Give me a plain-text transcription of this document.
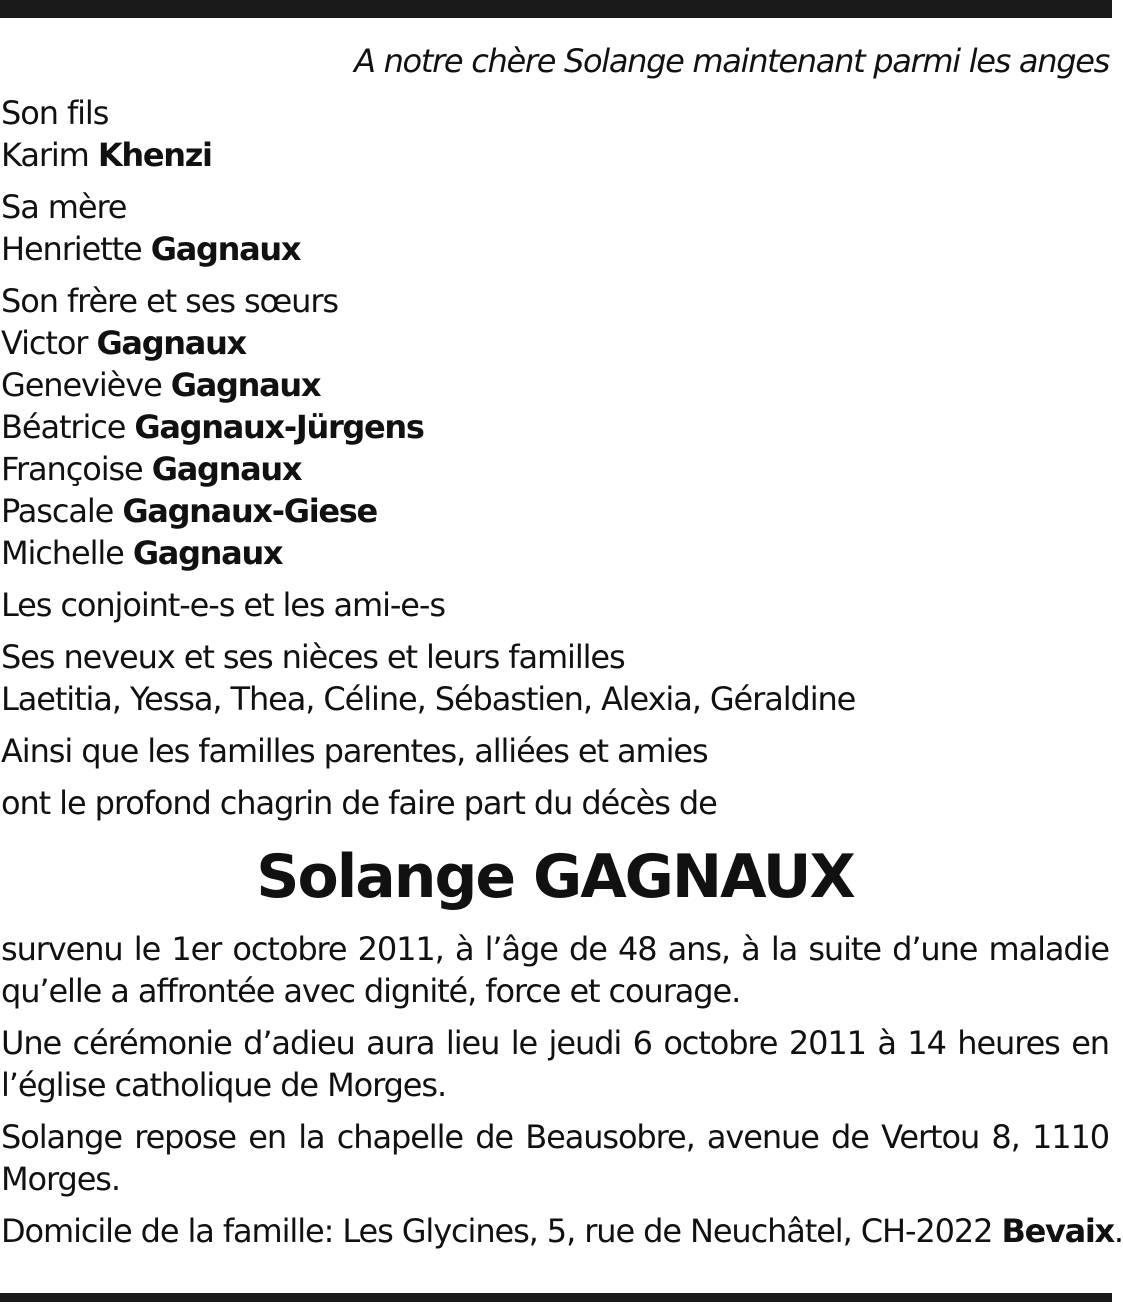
A notre chère Solange maintenant parmi les anges
Son fils
Karim Khenzi
Sa mère
Henriette Gagnaux
Son frère et ses sœurs
Victor Gagnaux
Geneviève Gagnaux
Béatrice Gagnaux-Jürgens
Françoise Gagnaux
Pascale Gagnaux-Giese
Michelle Gagnaux
Les conjoint-e-s et les ami-e-s
Ses neveux et ses nièces et leurs familles
Laetitia, Yessa, Thea, Céline, Sébastien, Alexia, Géraldine
Ainsi que les familles parentes, alliées et amies
ont le profond chagrin de faire part du décès de
Solange GAGNAUX
survenu le 1er octobre 2011, à l’âge de 48 ans, à la suite d’une maladie qu’elle a affrontée avec dignité, force et courage.
Une cérémonie d’adieu aura lieu le jeudi 6 octobre 2011 à 14 heures en l’église catholique de Morges.
Solange repose en la chapelle de Beausobre, avenue de Vertou 8, 1110 Morges.
Domicile de la famille: Les Glycines, 5, rue de Neuchâtel, CH-2022 Bevaix.
